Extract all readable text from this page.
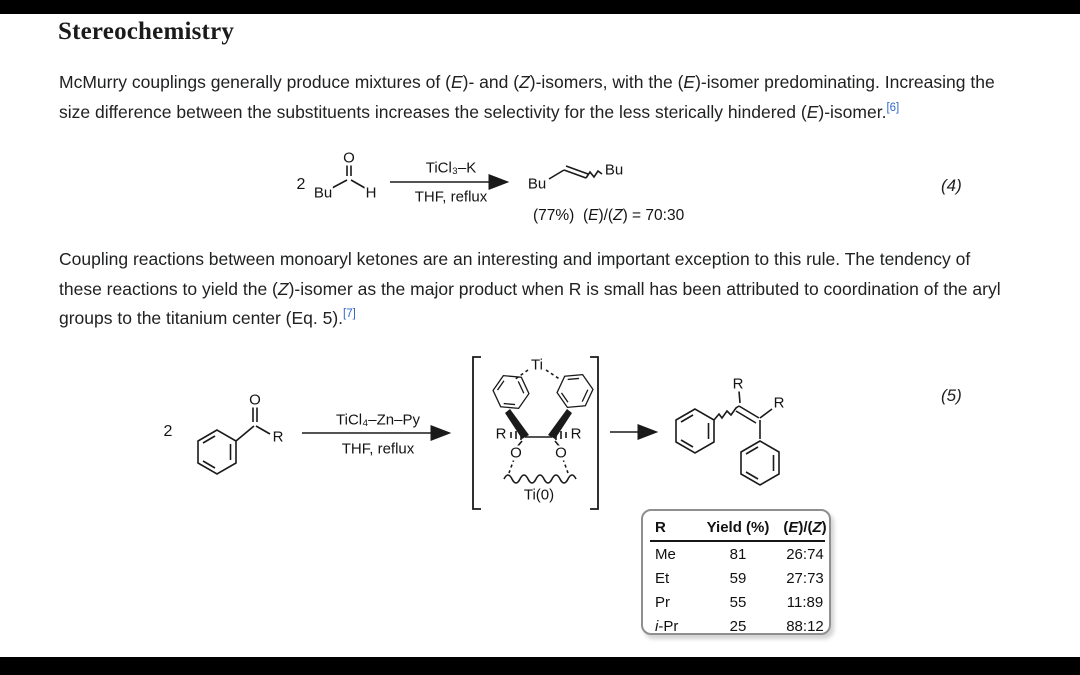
Stereochemistry

McMurry couplings generally produce mixtures of (E)- and (Z)-isomers, with the (E)-isomer predominating. Increasing the size difference between the substituents increases the selectivity for the less sterically hindered (E)-isomer.[6]

Coupling reactions between monoaryl ketones are an interesting and important exception to this rule. The tendency of these reactions to yield the (Z)-isomer as the major product when R is small has been attributed to coordination of the aryl groups to the titanium center (Eq. 5).[7]

2 Bu
O
H
TiCl₃–K
THF, reflux
Bu
Bu
(77%)  (E)/(Z) = 70:30
(4)
2
O
R
TiCl₄–Zn–Py
THF, reflux
Ti
R	R
O O
Ti(0)
R
R	(5)
R	Yield (%) (E)/(Z)
Me	81	26:74
Et	59	27:73
Pr	55	11:89
i-Pr	25	88:12
